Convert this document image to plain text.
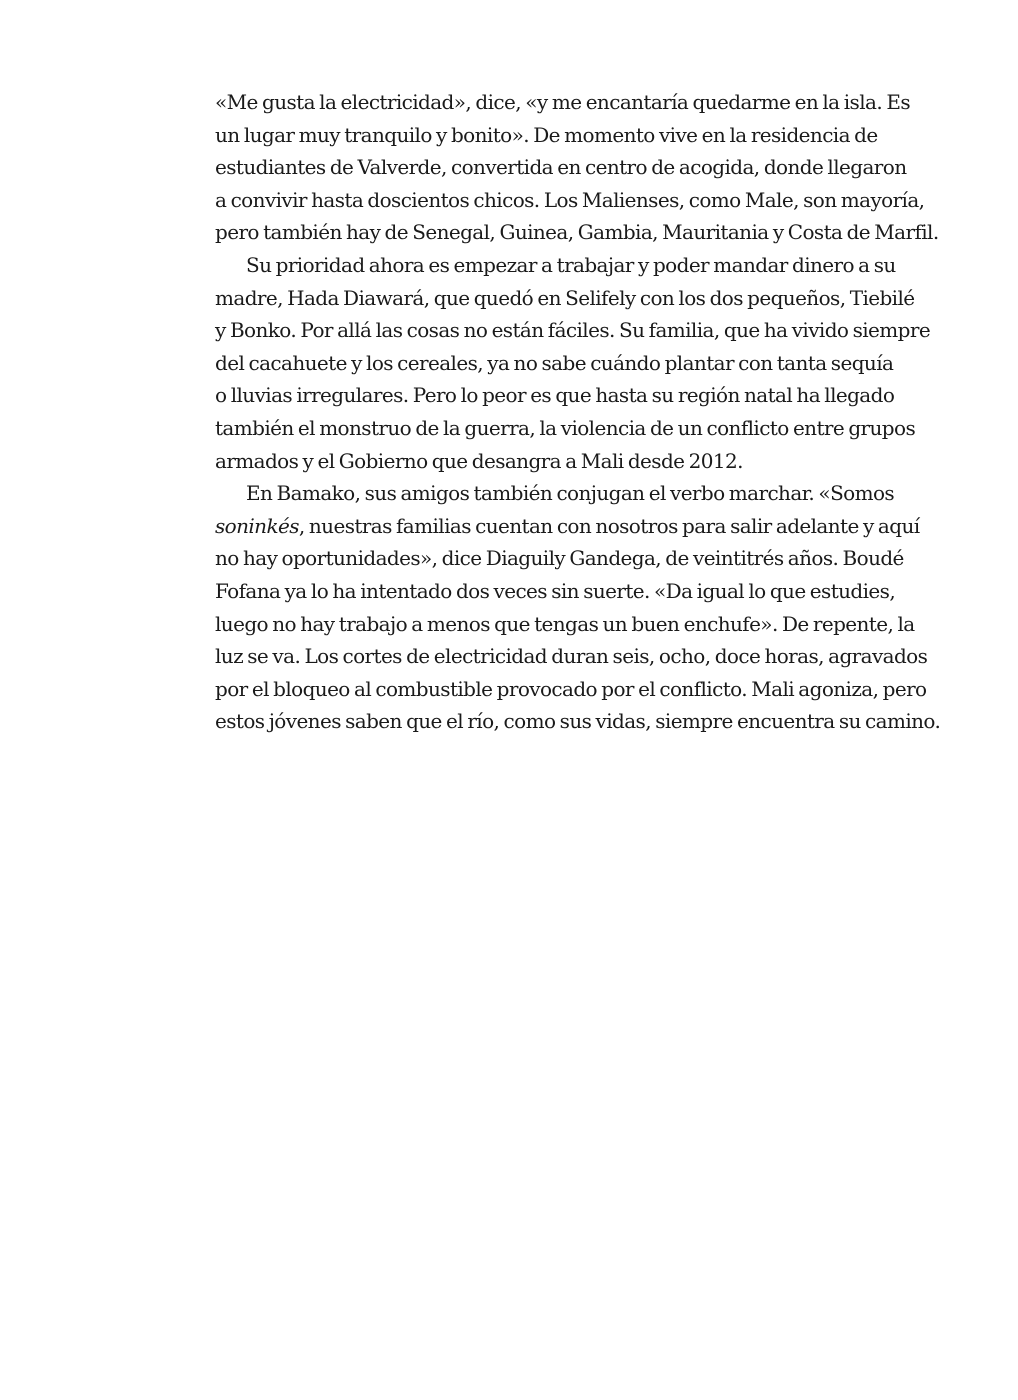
«Me gusta la electricidad», dice, «y me encantaría quedarme en la isla. Es
un lugar muy tranquilo y bonito». De momento vive en la residencia de
estudiantes de Valverde, convertida en centro de acogida, donde llegaron
a convivir hasta doscientos chicos. Los Malienses, como Male, son mayoría,
pero también hay de Senegal, Guinea, Gambia, Mauritania y Costa de Marfil.
Su prioridad ahora es empezar a trabajar y poder mandar dinero a su
madre, Hada Diawará, que quedó en Selifely con los dos pequeños, Tiebilé
y Bonko. Por allá las cosas no están fáciles. Su familia, que ha vivido siempre
del cacahuete y los cereales, ya no sabe cuándo plantar con tanta sequía
o lluvias irregulares. Pero lo peor es que hasta su región natal ha llegado
también el monstruo de la guerra, la violencia de un conflicto entre grupos
armados y el Gobierno que desangra a Mali desde 2012.
En Bamako, sus amigos también conjugan el verbo marchar. «Somos
soninkés, nuestras familias cuentan con nosotros para salir adelante y aquí
no hay oportunidades», dice Diaguily Gandega, de veintitrés años. Boudé
Fofana ya lo ha intentado dos veces sin suerte. «Da igual lo que estudies,
luego no hay trabajo a menos que tengas un buen enchufe». De repente, la
luz se va. Los cortes de electricidad duran seis, ocho, doce horas, agravados
por el bloqueo al combustible provocado por el conflicto. Mali agoniza, pero
estos jóvenes saben que el río, como sus vidas, siempre encuentra su camino.
